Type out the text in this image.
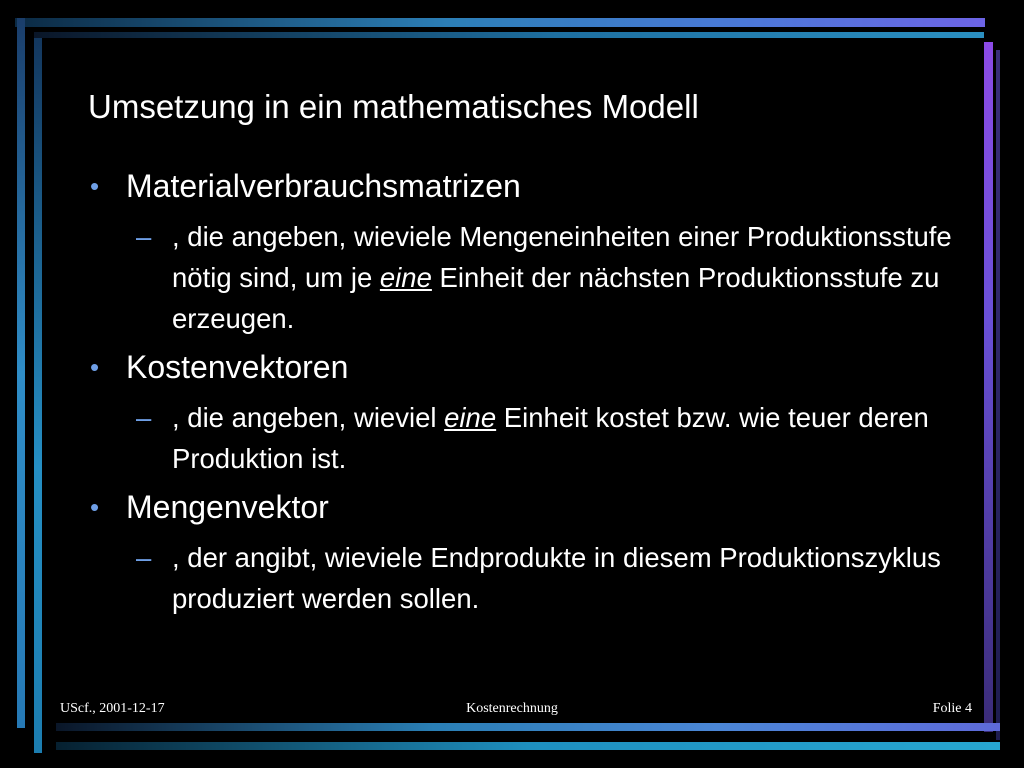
Umsetzung in ein mathematisches Modell
• Materialverbrauchsmatrizen
– , die angeben, wieviele Mengeneinheiten einer Produktionsstufe nötig sind, um je eine Einheit der nächsten Produktionsstufe zu erzeugen.
• Kostenvektoren
– , die angeben, wieviel eine Einheit kostet bzw. wie teuer deren Produktion ist.
• Mengenvektor
– , der angibt, wieviele Endprodukte in diesem Produktionszyklus produziert werden sollen.
UScf., 2001-12-17	Kostenrechnung	Folie 4
